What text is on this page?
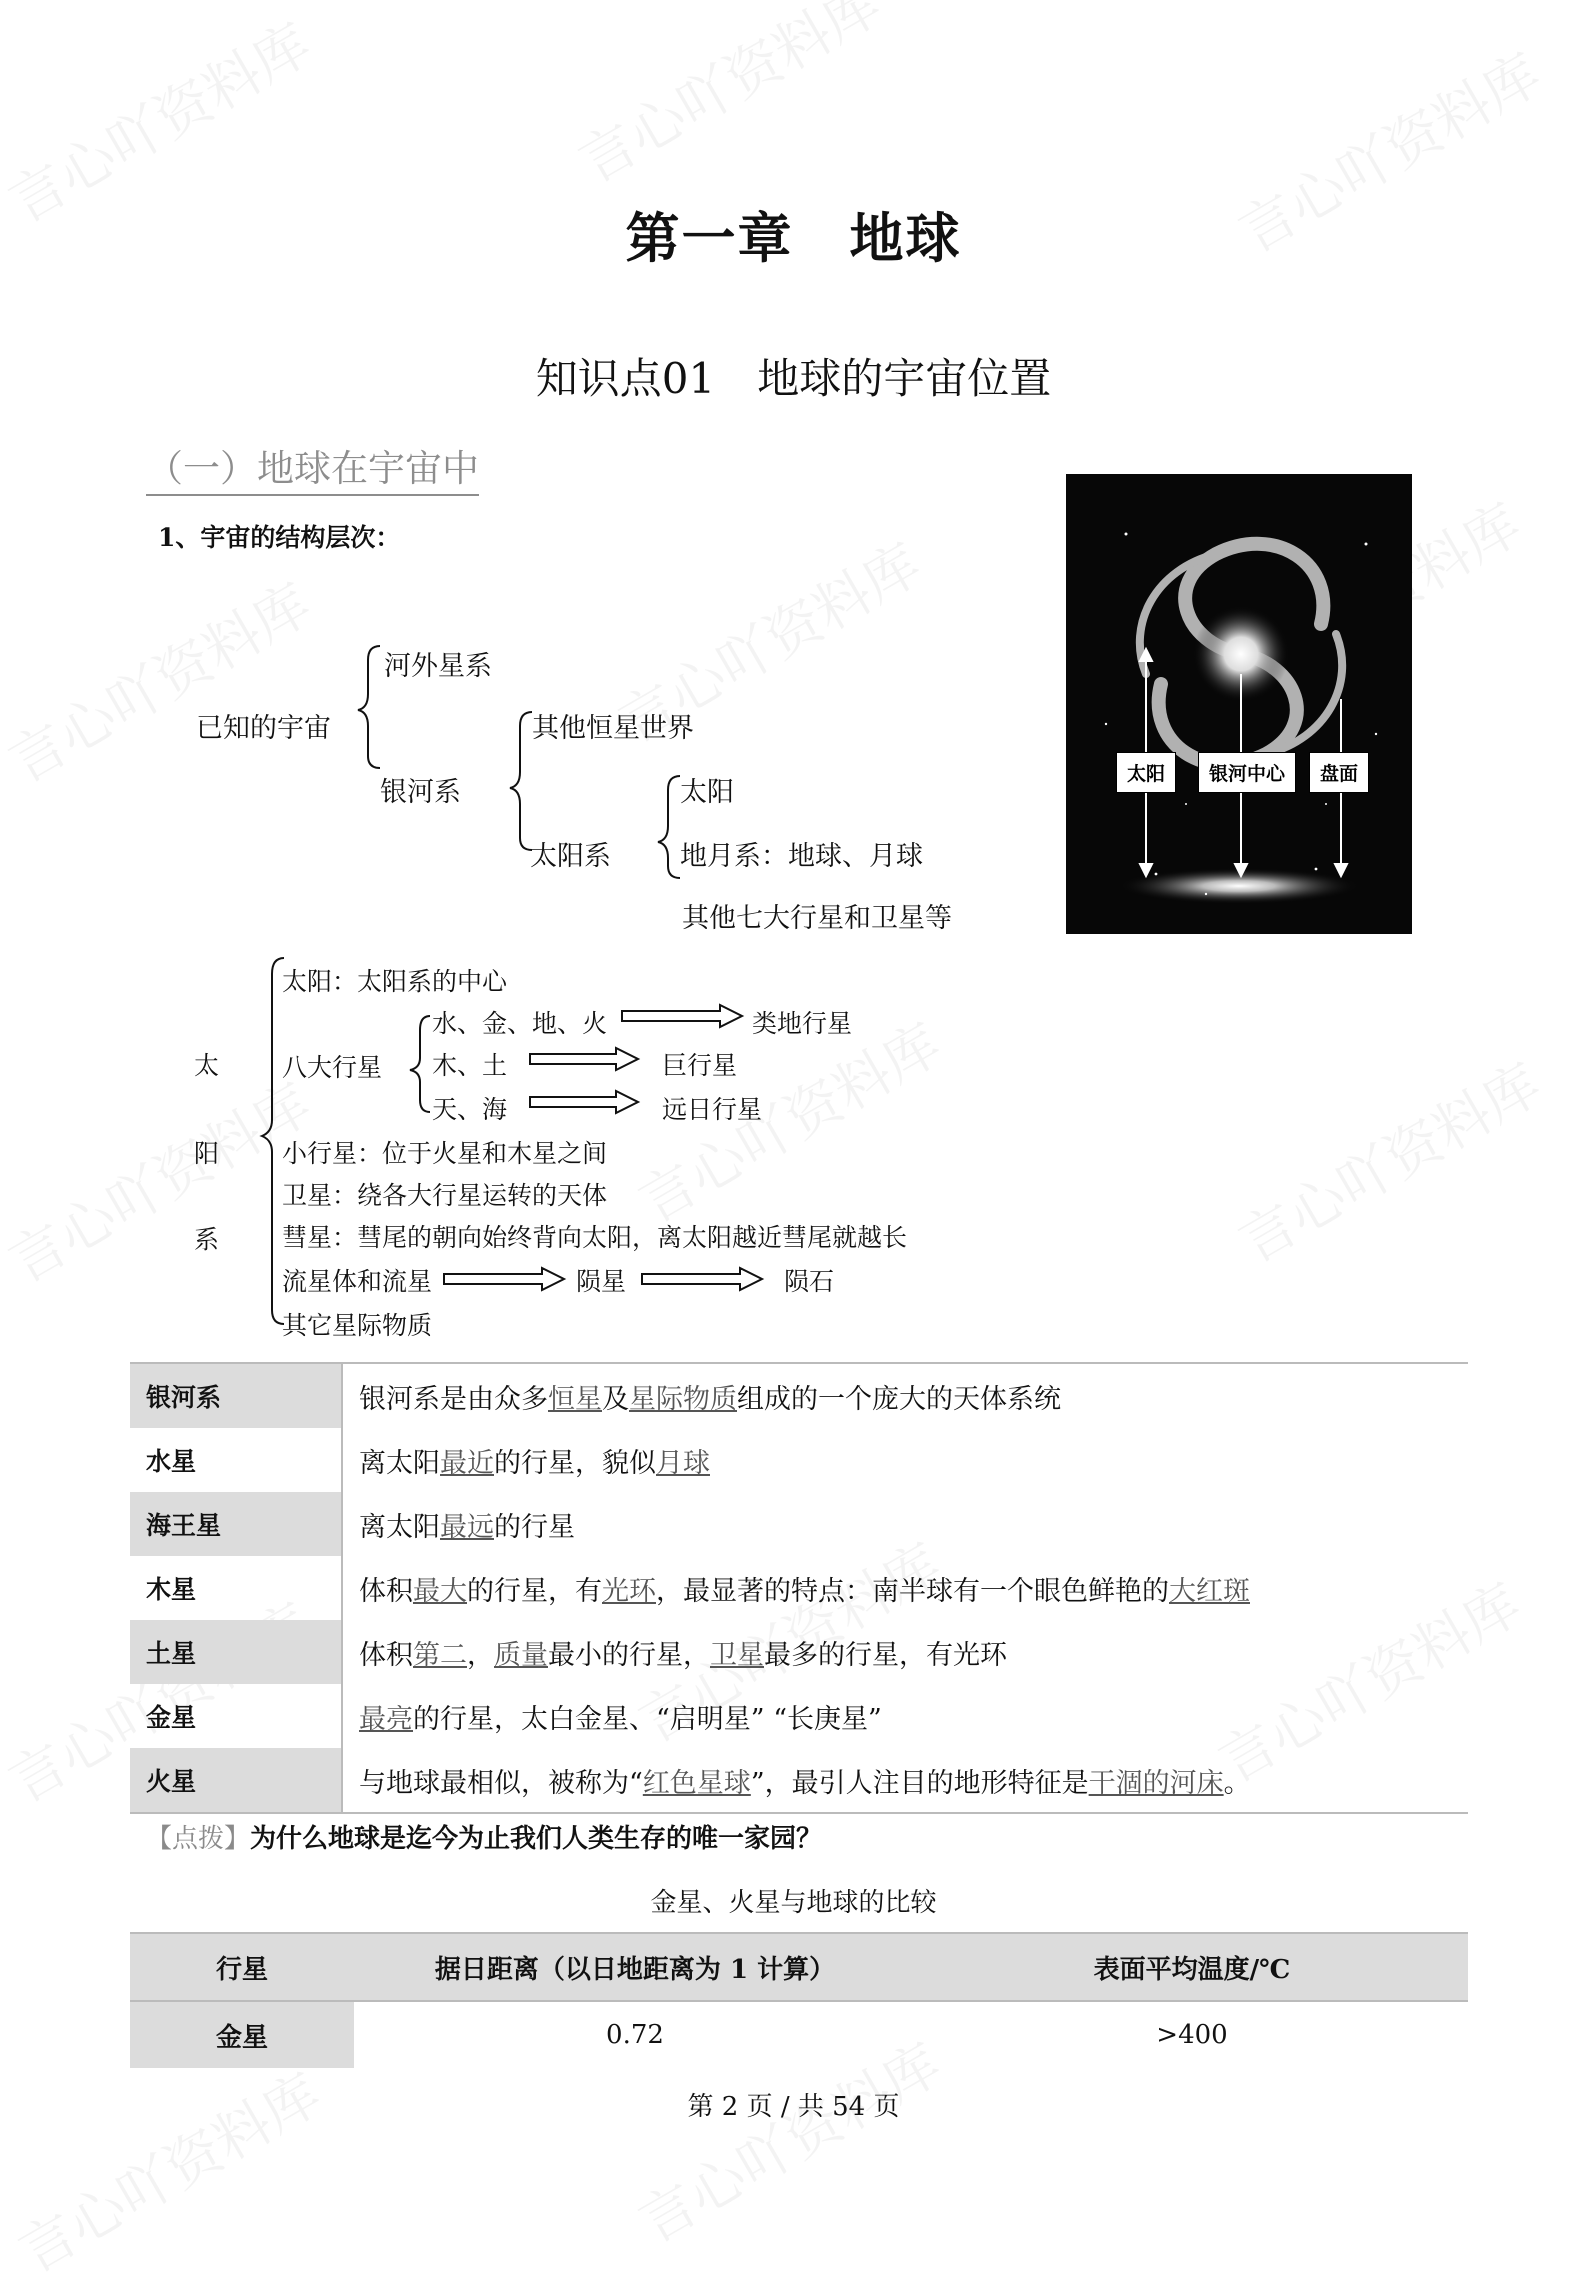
第一章　地球
知识点01　地球的宇宙位置
（一）地球在宇宙中
1、宇宙的结构层次：
已知的宇宙
河外星系
银河系
其他恒星世界
太阳系
太阳
地月系：地球、月球
其他七大行星和卫星等
太阳	银河中心	盘面
太
阳
系
太阳：太阳系的中心
八大行星
水、金、地、火	类地行星
木、土	巨行星
天、海	远日行星
小行星：位于火星和木星之间
卫星：绕各大行星运转的天体
彗星：彗尾的朝向始终背向太阳，离太阳越近彗尾就越长
流星体和流星	陨星	陨石
其它星际物质
银河系	银河系是由众多恒星及星际物质组成的一个庞大的天体系统
水星	离太阳最近的行星，貌似月球
海王星	离太阳最远的行星
木星	体积最大的行星，有光环，最显著的特点：南半球有一个眼色鲜艳的大红斑
土星	体积第二，质量最小的行星，卫星最多的行星，有光环
金星	最亮的行星，太白金星、“启明星” “长庚星”
火星	与地球最相似，被称为“红色星球”，最引人注目的地形特征是干涸的河床。
【点拨】为什么地球是迄今为止我们人类生存的唯一家园？
金星、火星与地球的比较
行星	据日距离（以日地距离为 1 计算）	表面平均温度/℃
金星	0.72	>400
第 2 页 / 共 54 页
